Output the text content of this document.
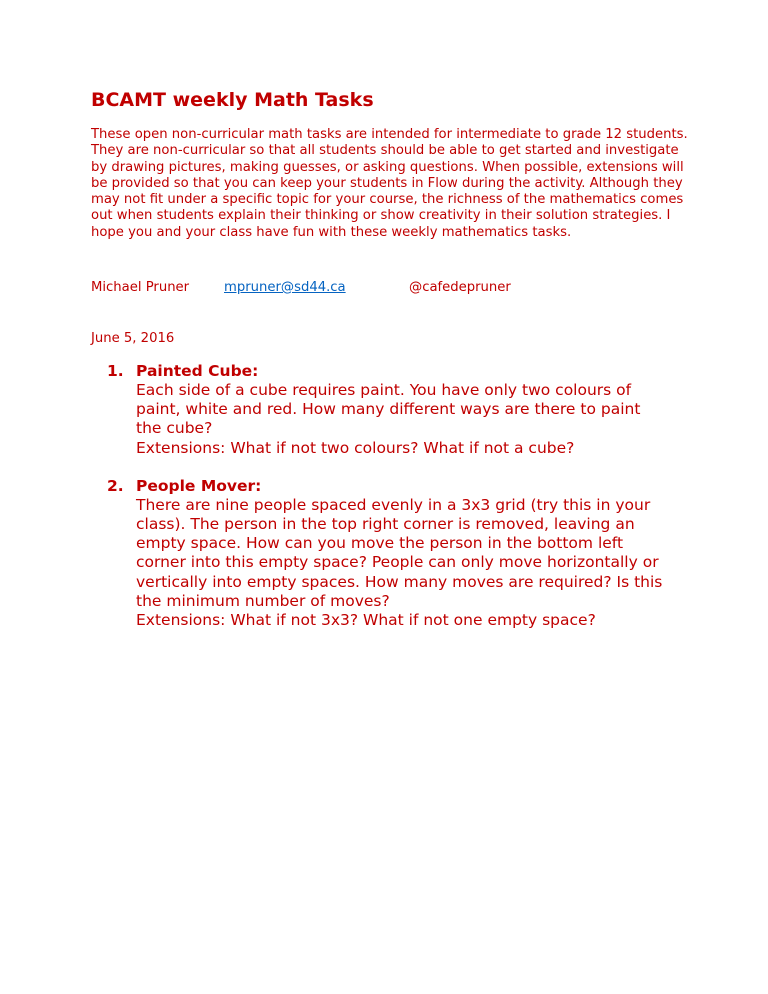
BCAMT weekly Math Tasks

These open non-curricular math tasks are intended for intermediate to grade 12 students. They are non-curricular so that all students should be able to get started and investigate by drawing pictures, making guesses, or asking questions. When possible, extensions will be provided so that you can keep your students in Flow during the activity. Although they may not fit under a specific topic for your course, the richness of the mathematics comes out when students explain their thinking or show creativity in their solution strategies. I hope you and your class have fun with these weekly mathematics tasks.

Michael Pruner	mpruner@sd44.ca	@cafedepruner
June 5, 2016
1. Painted Cube:
Each side of a cube requires paint. You have only two colours of paint, white and red. How many different ways are there to paint the cube?
Extensions: What if not two colours? What if not a cube?
2. People Mover:
There are nine people spaced evenly in a 3x3 grid (try this in your class). The person in the top right corner is removed, leaving an empty space. How can you move the person in the bottom left corner into this empty space? People can only move horizontally or vertically into empty spaces. How many moves are required? Is this the minimum number of moves?
Extensions: What if not 3x3? What if not one empty space?
